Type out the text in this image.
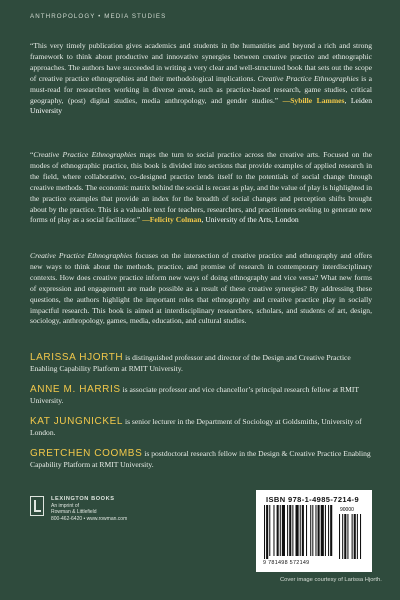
ANTHROPOLOGY • MEDIA STUDIES
“This very timely publication gives academics and students in the humanities and beyond a rich and strong framework to think about productive and innovative synergies between creative practice and ethnographic approaches. The authors have succeeded in writing a very clear and well-structured book that sets out the scope of creative practice ethnographies and their methodological implications. Creative Practice Ethnographies is a must-read for researchers working in diverse areas, such as practice-based research, game studies, critical geography, (post) digital studies, media anthropology, and gender studies.” —Sybille Lammes, Leiden University
“Creative Practice Ethnographies maps the turn to social practice across the creative arts. Focused on the modes of ethnographic practice, this book is divided into sections that provide examples of applied research in the field, where collaborative, co-designed practice lends itself to the potentials of social change through creative methods. The economic matrix behind the social is recast as play, and the value of play is highlighted in the practice examples that provide an index for the breadth of social changes and perception shifts brought about by the practice. This is a valuable text for teachers, researchers, and practitioners seeking to generate new forms of play as a social facilitator.” —Felicity Colman, University of the Arts, London
Creative Practice Ethnographies focuses on the intersection of creative practice and ethnography and offers new ways to think about the methods, practice, and promise of research in contemporary interdisciplinary contexts. How does creative practice inform new ways of doing ethnography and vice versa? What new forms of expression and engagement are made possible as a result of these creative synergies? By addressing these questions, the authors highlight the important roles that ethnography and creative practice play in socially impactful research. This book is aimed at interdisciplinary researchers, scholars, and students of art, design, sociology, anthropology, games, media, education, and cultural studies.
LARISSA HJORTH is distinguished professor and director of the Design and Creative Practice Enabling Capability Platform at RMIT University.
ANNE M. HARRIS is associate professor and vice chancellor’s principal research fellow at RMIT University.
KAT JUNGNICKEL is senior lecturer in the Department of Sociology at Goldsmiths, University of London.
GRETCHEN COOMBS is postdoctoral research fellow in the Design & Creative Practice Enabling Capability Platform at RMIT University.
LEXINGTON BOOKS
An imprint of
Rowman & Littlefield
800-462-6420 • www.rowman.com
ISBN 978-1-4985-7214-9
90000
9 781498 572149
Cover image courtesy of Larissa Hjorth.
